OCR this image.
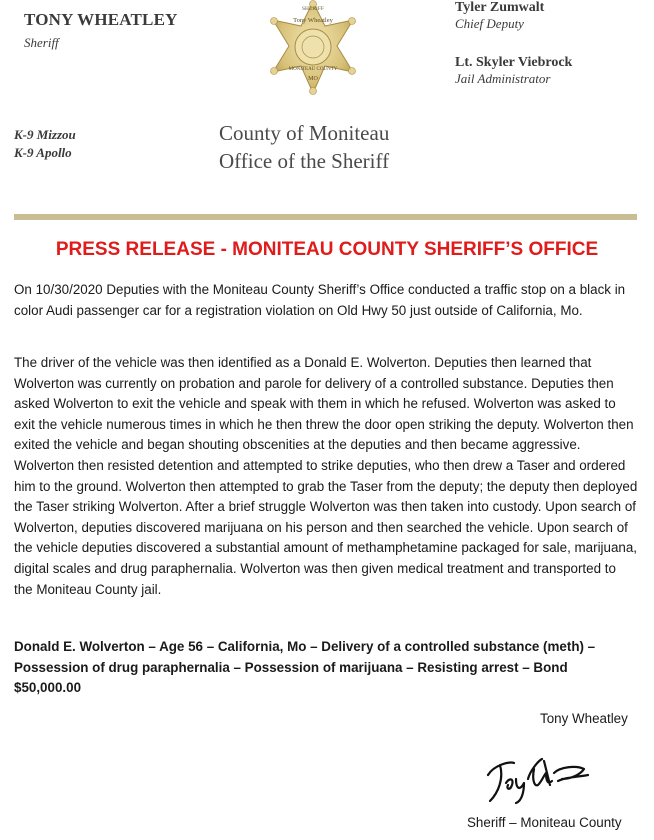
TONY WHEATLEY
Sheriff
Tyler Zumwalt
Chief Deputy
Lt. Skyler Viebrock
Jail Administrator
K-9 Mizzou
K-9 Apollo
SHERIFF
Tony Wheatley
MONITEAU COUNTY
MO
County of Moniteau
Office of the Sheriff
PRESS RELEASE - MONITEAU COUNTY SHERIFF’S OFFICE

On 10/30/2020 Deputies with the Moniteau County Sheriff’s Office conducted a traffic stop on a black in color Audi passenger car for a registration violation on Old Hwy 50 just outside of California, Mo.

The driver of the vehicle was then identified as a Donald E. Wolverton. Deputies then learned that Wolverton was currently on probation and parole for delivery of a controlled substance. Deputies then asked Wolverton to exit the vehicle and speak with them in which he refused. Wolverton was asked to exit the vehicle numerous times in which he then threw the door open striking the deputy. Wolverton then exited the vehicle and began shouting obscenities at the deputies and then became aggressive. Wolverton then resisted detention and attempted to strike deputies, who then drew a Taser and ordered him to the ground. Wolverton then attempted to grab the Taser from the deputy; the deputy then deployed the Taser striking Wolverton. After a brief struggle Wolverton was then taken into custody. Upon search of Wolverton, deputies discovered marijuana on his person and then searched the vehicle. Upon search of the vehicle deputies discovered a substantial amount of methamphetamine packaged for sale, marijuana, digital scales and drug paraphernalia. Wolverton was then given medical treatment and transported to the Moniteau County jail.

Donald E. Wolverton – Age 56 – California, Mo – Delivery of a controlled substance (meth) – Possession of drug paraphernalia – Possession of marijuana – Resisting arrest – Bond $50,000.00

Tony Wheatley
Sheriff – Moniteau County
